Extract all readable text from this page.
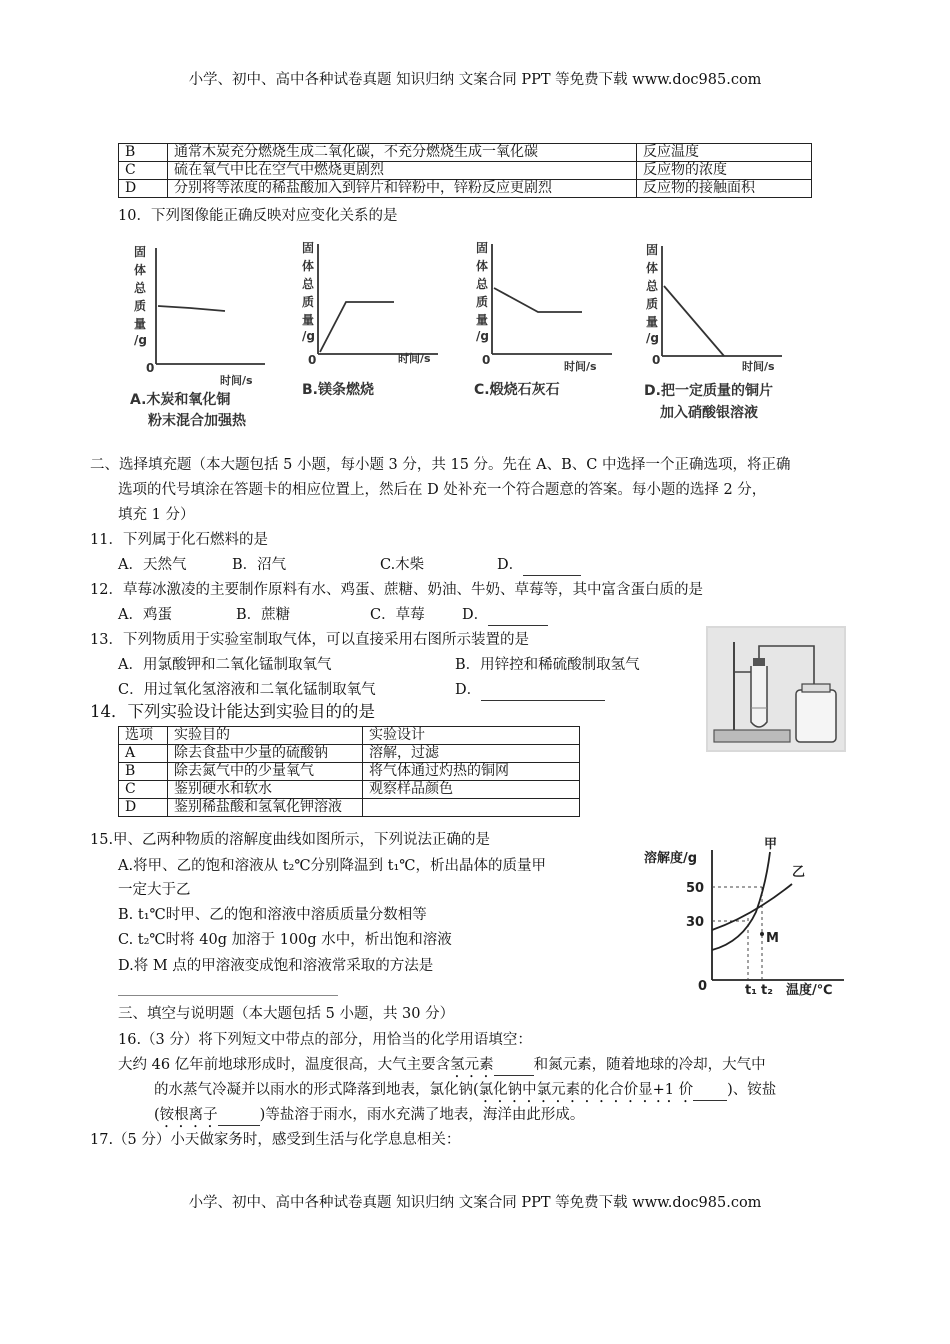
小学、初中、高中各种试卷真题 知识归纳 文案合同 PPT 等免费下载 www.doc985.com
B	通常木炭充分燃烧生成二氧化碳，不充分燃烧生成一氧化碳	反应温度
C	硫在氧气中比在空气中燃烧更剧烈	反应物的浓度
D	分别将等浓度的稀盐酸加入到锌片和锌粉中，锌粉反应更剧烈	反应物的接触面积
10．下列图像能正确反映对应变化关系的是
固
体
总
质
量
/g
0
时间/s
A.木炭和氧化铜
粉末混合加强热
固
体
总
质
量
/g
0	时间/s
B.镁条燃烧
固
体
总
质
量
/g
0	时间/s
C.煅烧石灰石
固
体
总
质
量
/g
0	时间/s
D.把一定质量的铜片
加入硝酸银溶液
二、选择填充题（本大题包括 5 小题，每小题 3 分，共 15 分。先在 A、B、C 中选择一个正确选项，将正确
选项的代号填涂在答题卡的相应位置上，然后在 D 处补充一个符合题意的答案。每小题的选择 2 分，
填充 1 分）
11．下列属于化石燃料的是
A．天然气	B．沼气	C.木柴	D．
12．草莓冰激凌的主要制作原料有水、鸡蛋、蔗糖、奶油、牛奶、草莓等，其中富含蛋白质的是
A．鸡蛋	B．蔗糖	C．草莓	D．
13．下列物质用于实验室制取气体，可以直接采用右图所示装置的是
A．用氯酸钾和二氧化锰制取氧气	B．用锌控和稀硫酸制取氢气
C．用过氧化氢溶液和二氧化锰制取氧气	D．
14．下列实验设计能达到实验目的的是
选项	实验目的	实验设计
A	除去食盐中少量的硫酸钠	溶解，过滤
B	除去氮气中的少量氧气	将气体通过灼热的铜网
C	鉴别硬水和软水	观察样品颜色
D	鉴别稀盐酸和氢氧化钾溶液	
15.甲、乙两种物质的溶解度曲线如图所示，下列说法正确的是
A.将甲、乙的饱和溶液从 t₂℃分别降温到 t₁℃，析出晶体的质量甲
一定大于乙
B. t₁℃时甲、乙的饱和溶液中溶质质量分数相等
C. t₂℃时将 40g 加溶于 100g 水中，析出饱和溶液
D.将 M 点的甲溶液变成饱和溶液常采取的方法是
溶解度/g
50
30
0	t₁ t₂ 温度/℃
甲
乙
M
三、填空与说明题（本大题包括 5 小题，共 30 分）
16.（3 分）将下列短文中带点的部分，用恰当的化学用语填空：
大约 46 亿年前地球形成时，温度很高，大气主要含氢元素	和氮元素，随着地球的冷却，大气中
的水蒸气冷凝并以雨水的形式降落到地表，氯化钠(氯化钠中氯元素的化合价显+1 价 )、铵盐
(铵根离子	)等盐溶于雨水，雨水充满了地表，海洋由此形成。
17.（5 分）小天做家务时，感受到生活与化学息息相关：
小学、初中、高中各种试卷真题 知识归纳 文案合同 PPT 等免费下载 www.doc985.com
